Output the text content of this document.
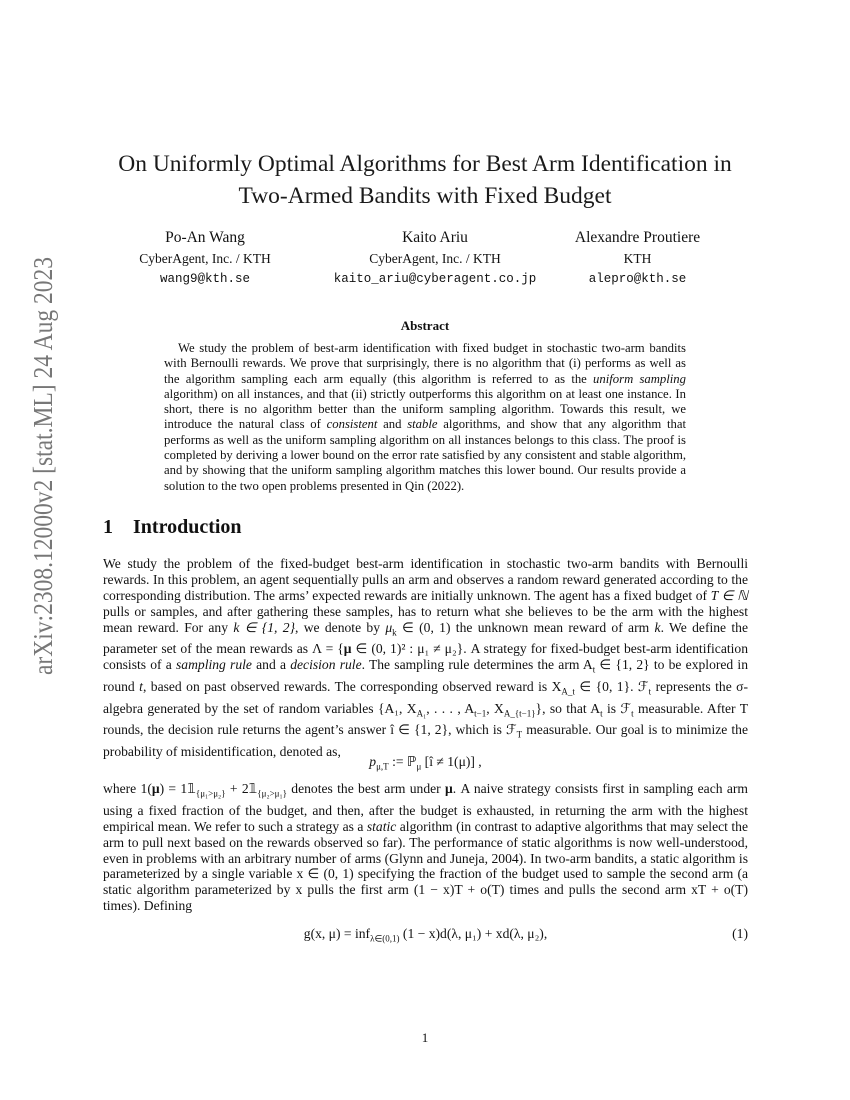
arXiv:2308.12000v2 [stat.ML] 24 Aug 2023
On Uniformly Optimal Algorithms for Best Arm Identification in
Two-Armed Bandits with Fixed Budget
Po-An Wang
CyberAgent, Inc. / KTH
wang9@kth.se
Kaito Ariu
CyberAgent, Inc. / KTH
kaito_ariu@cyberagent.co.jp
Alexandre Proutiere
KTH
alepro@kth.se
Abstract

We study the problem of best-arm identification with fixed budget in stochastic two-arm bandits with Bernoulli rewards. We prove that surprisingly, there is no algorithm that (i) performs as well as the algorithm sampling each arm equally (this algorithm is referred to as the uniform sampling algorithm) on all instances, and that (ii) strictly outperforms this algorithm on at least one instance. In short, there is no algorithm better than the uniform sampling algorithm. Towards this result, we introduce the natural class of consistent and stable algorithms, and show that any algorithm that performs as well as the uniform sampling algorithm on all instances belongs to this class. The proof is completed by deriving a lower bound on the error rate satisfied by any consistent and stable algorithm, and by showing that the uniform sampling algorithm matches this lower bound. Our results provide a solution to the two open problems presented in Qin (2022).

1 Introduction

We study the problem of the fixed-budget best-arm identification in stochastic two-arm bandits with Bernoulli rewards. In this problem, an agent sequentially pulls an arm and observes a random reward generated according to the corresponding distribution. The arms’ expected rewards are initially unknown. The agent has a fixed budget of T ∈ ℕ pulls or samples, and after gathering these samples, has to return what she believes to be the arm with the highest mean reward. For any k ∈ {1, 2}, we denote by $\mu_k$ ∈ (0, 1) the unknown mean reward of arm k. We define the parameter set of the mean rewards as Λ = {μ ∈ (0, 1)² : μ₁ ≠ μ₂}. A strategy for fixed-budget best-arm identification consists of a sampling rule and a decision rule. The sampling rule determines the arm $A_t$ ∈ {1, 2} to be explored in round t, based on past observed rewards. The corresponding observed reward is $X_{A\_t}$ ∈ {0, 1}. ℱ$_t$ represents the σ-algebra generated by the set of random variables {A₁, $X_{A_1}$, . . . , $A_{t-1}$, $X_{A\_\{t-1\}}$}, so that $A_t$ is ℱ$_t$ measurable. After T rounds, the decision rule returns the agent’s answer î ∈ {1, 2}, which is ℱ$_T$ measurable. Our goal is to minimize the probability of misidentification, denoted as,

$p_{\mu,T}$ := ℙ$_\mu$ [î ≠ 1(μ)] ,

where $1(\mu) = 1𝟙_{\{\mu_1>\mu_2\}}$ + $2𝟙_{\{\mu_2>\mu_1\}}$ denotes the best arm under μ. A naive strategy consists first in sampling each arm using a fixed fraction of the budget, and then, after the budget is exhausted, in returning the arm with the highest empirical mean. We refer to such a strategy as a static algorithm (in contrast to adaptive algorithms that may select the arm to pull next based on the rewards observed so far). The performance of static algorithms is now well-understood, even in problems with an arbitrary number of arms (Glynn and Juneja, 2004). In two-arm bandits, a static algorithm is parameterized by a single variable x ∈ (0, 1) specifying the fraction of the budget used to sample the second arm (a static algorithm parameterized by x pulls the first arm (1 − x)T + o(T) times and pulls the second arm xT + o(T) times). Defining

g(x, μ) = inf$_{\lambda\in(0,1)}$ (1 − x)d(λ, μ₁) + xd(λ, μ₂),	(1)
1
